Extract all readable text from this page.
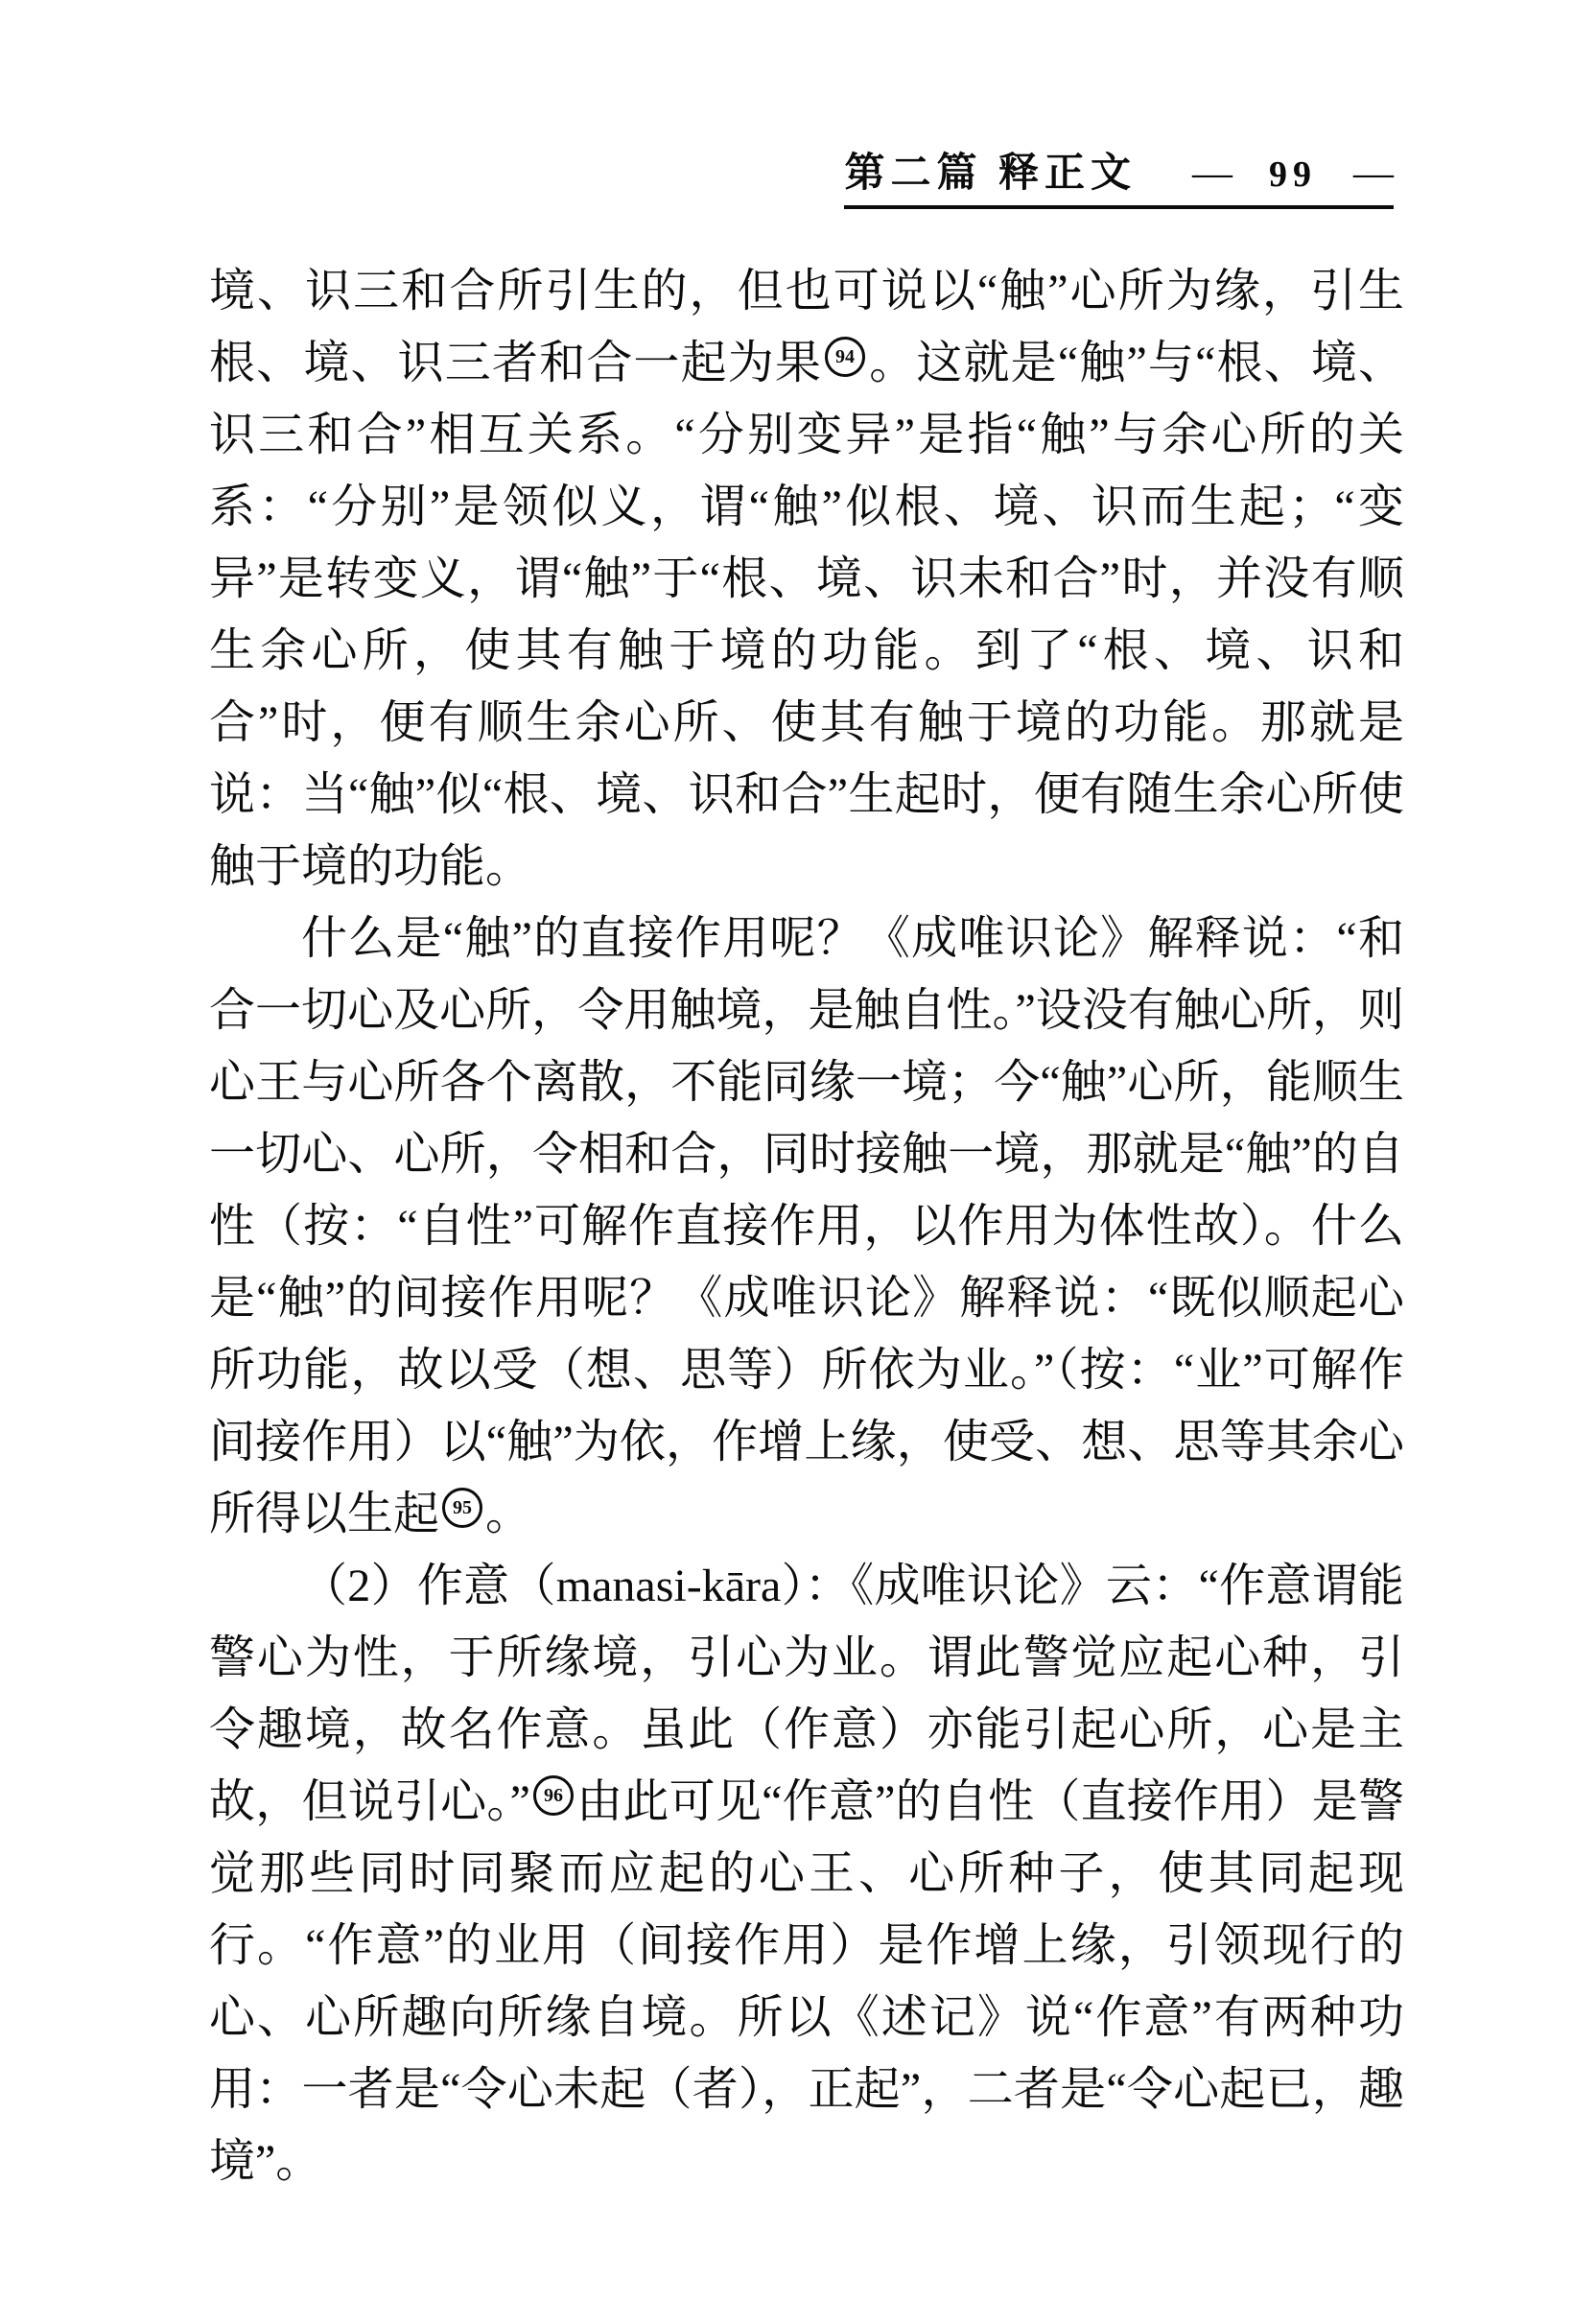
第二篇 释正文 — 99 —

境、识三和合所引生的，但也可说以“触”心所为缘，引生根、境、识三者和合一起为果 94 。这就是“触”与“根、境、识三和合”相互关系。“分别变异”是指“触”与余心所的关系：“分别”是领似义，谓“触”似根、境、识而生起；“变异”是转变义，谓“触”于“根、境、识未和合”时，并没有顺生余心所，使其有触于境的功能。到了“根、境、识和合”时，便有顺生余心所、使其有触于境的功能。那就是说：当“触”似“根、境、识和合”生起时，便有随生余心所使触于境的功能。

什么是“触”的直接作用呢？《成唯识论》解释说：“和合一切心及心所，令用触境，是触自性。”设没有触心所，则心王与心所各个离散，不能同缘一境；今“触”心所，能顺生一切心、心所，令相和合，同时接触一境，那就是“触”的自性（按：“自性”可解作直接作用，以作用为体性故）。什么是“触”的间接作用呢？《成唯识论》解释说：“既似顺起心所功能，故以受（想、思等）所依为业。”（按：“业”可解作间接作用）以“触”为依，作增上缘，使受、想、思等其余心所得以生起 95 。

（2）作意（manasi-kāra）：《成唯识论》云：“作意谓能警心为性，于所缘境，引心为业。谓此警觉应起心种，引令趣境，故名作意。虽此（作意）亦能引起心所，心是主故，但说引心。” 96 由此可见“作意”的自性（直接作用）是警觉那些同时同聚而应起的心王、心所种子，使其同起现行。“作意”的业用（间接作用）是作增上缘，引领现行的心、心所趣向所缘自境。所以《述记》说“作意”有两种功用：一者是“令心未起（者），正起”，二者是“令心起已，趣境”。
